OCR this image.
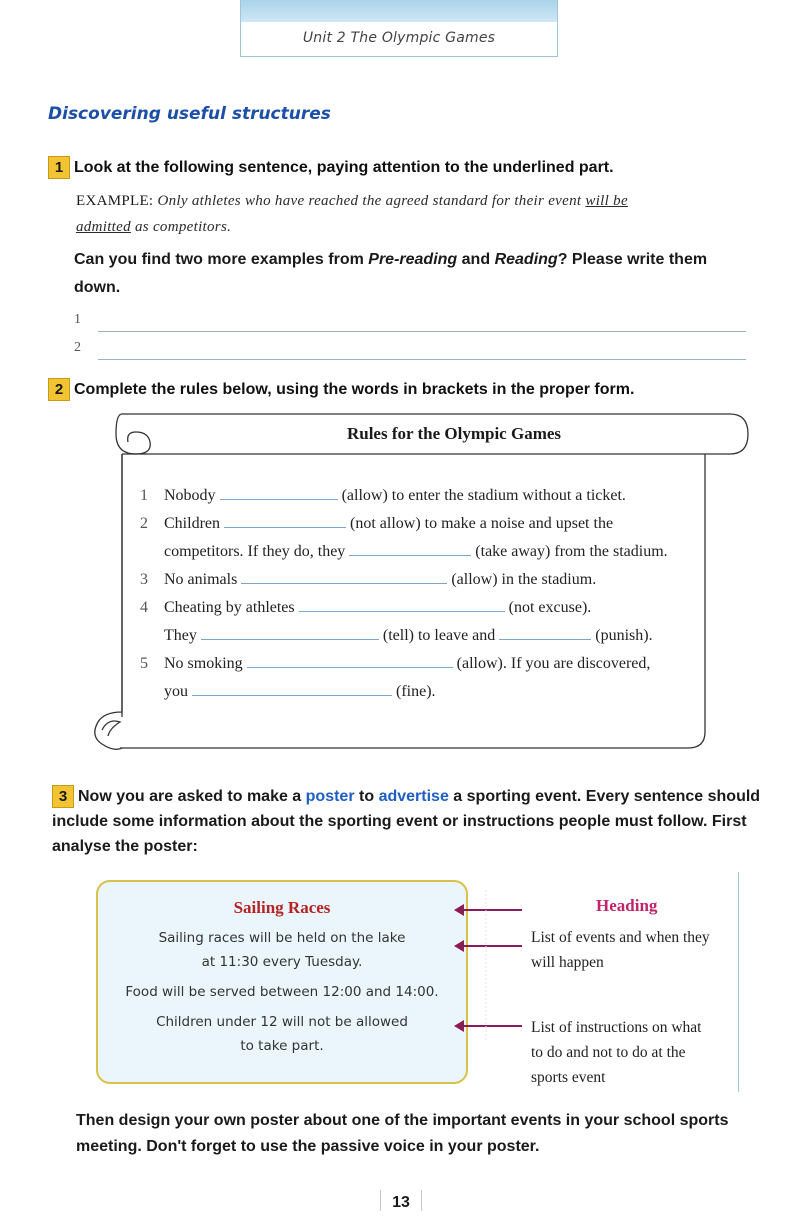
Unit 2 The Olympic Games
Discovering useful structures
1 Look at the following sentence, paying attention to the underlined part.
EXAMPLE: Only athletes who have reached the agreed standard for their event will be
admitted as competitors.
Can you find two more examples from Pre-reading and Reading? Please write them down.
1
2
2 Complete the rules below, using the words in brackets in the proper form.
Rules for the Olympic Games
1 Nobody	(allow) to enter the stadium without a ticket.
2 Children	(not allow) to make a noise and upset the
competitors. If they do, they	(take away) from the stadium.
3 No animals	(allow) in the stadium.
4 Cheating by athletes	(not excuse).
They	(tell) to leave and	(punish).
5 No smoking	(allow). If you are discovered,
you	(fine).
3 Now you are asked to make a poster to advertise a sporting event. Every sentence should include some information about the sporting event or instructions people must follow. First analyse the poster:
Sailing Races
Sailing races will be held on the lake
at 11:30 every Tuesday.
Food will be served between 12:00 and 14:00.
Children under 12 will not be allowed
to take part.
Heading
List of events and when they
will happen
List of instructions on what
to do and not to do at the
sports event
Then design your own poster about one of the important events in your school sports meeting. Don't forget to use the passive voice in your poster.
13
